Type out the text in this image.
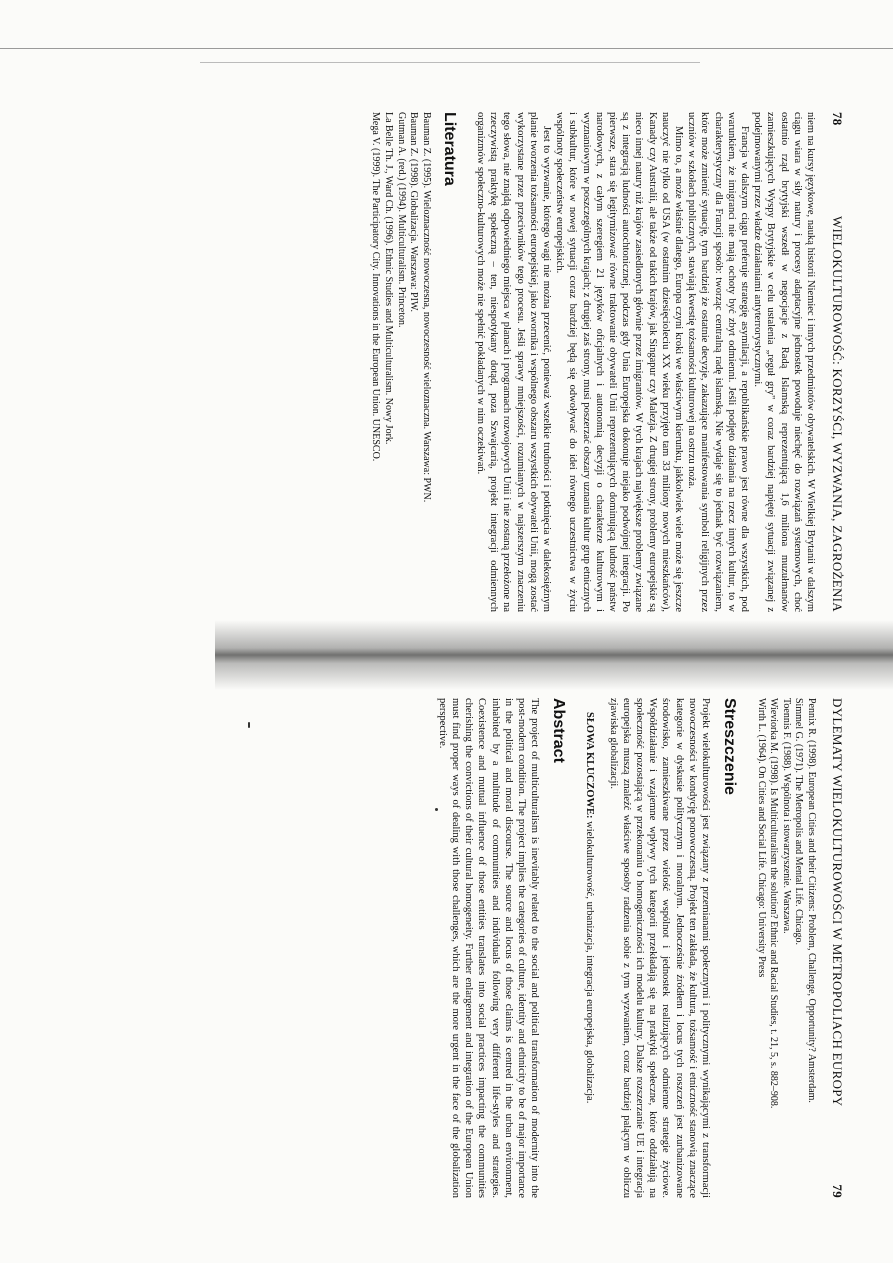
78
WIELOKULTUROWOŚĆ: KORZYŚCI, WYZWANIA, ZAGROŻENIA

niem na kursy językowe, nauką historii Niemiec i innych przedmiotów obywatelskich. W Wielkiej Brytanii w dalszym ciągu wiara w siły natury i procesy adaptacyjne jednostek powoduje niechęć do rozwiązań systemowych, choć ostatnio rząd brytyjski wszedł w negocjacje z Radą Islamską reprezentującą 1,6 miliona muzułmanów zamieszkujących Wyspy Brytyjskie w celu ustalenia „reguł gry" w coraz bardziej napiętej sytuacji związanej z podejmowanymi przez władze działaniami antyterrorystycznymi.

Francja w dalszym ciągu preferuje strategię asymilacji, a republikańskie prawo jest równe dla wszystkich, pod warunkiem, że imigranci nie mają ochoty być zbyt odmienni. Jeśli podjęto działania na rzecz innych kultur, to w charakterystyczny dla Francji sposób: tworząc centralną radę islamską. Nie wydaje się to jednak być rozwiązaniem, które może zmienić sytuację, tym bardziej że ostatnie decyzje, zakazujące manifestowania symboli religijnych przez uczniów w szkołach publicznych, stawiają kwestię tożsamości kulturowej na ostrzu noża.

Mimo to, a może właśnie dlatego, Europa czyni kroki we właściwym kierunku, jakkolwiek wiele może się jeszcze nauczyć nie tylko od USA (w ostatnim dziesięcioleciu XX wieku przyjęto tam 33 miliony nowych mieszkańców), Kanady czy Australii, ale także od takich krajów, jak Singapur czy Malezja. Z drugiej strony, problemy europejskie są nieco innej natury niż krajów zasiedlonych głównie przez imigrantów. W tych krajach największe problemy związane są z integracją ludności autochtonicznej, podczas gdy Unia Europejska dokonuje niejako podwójnej integracji. Po pierwsze, stara się legitymizować równe traktowanie obywateli Unii reprezentujących dominującą ludność państw narodowych, z całym szeregiem 21 języków oficjalnych i autonomią decyzji o charakterze kulturowym i wyznaniowym w poszczególnych krajach; z drugiej zaś strony, musi poszerzać obszary uznania kultur grup etnicznych i subkultur, które w nowej sytuacji coraz bardziej będą się odwoływać do idei równego uczestnictwa w życiu wspólnoty społeczeństw europejskich.

Jest to wyzwanie, którego wagi nie można przecenić, ponieważ wszelkie trudności i potknięcia w dalekosiężnym planie tworzenia tożsamości europejskiej, jako zworníka i wspólnego obszaru wszystkich obywateli Unii, mogą zostać wykorzystane przez przeciwników tego procesu. Jeśli sprawy mniejszości, rozumianych w najszerszym znaczeniu tego słowa, nie znajdą odpowiedniego miejsca w planach i programach rozwojowych Unii i nie zostaną przełożone na rzeczywistą praktykę społeczną – ten, niespotykany dotąd, poza Szwajcarią, projekt integracji odmiennych organizmów społeczno-kulturowych może nie spełnić pokładanych w nim oczekiwań.

Literatura
Bauman Z. (1995). Wieloznaczność nowoczesna, nowoczesność wieloznaczna. Warszawa: PWN.
Bauman Z. (1998). Globalizacja. Warszawa: PIW.
Gutman A. (red.) (1994). Multiculturalism. Princeton.
La Belle Th. J., Ward Ch. (1996). Ethnic Studies and Multiculturalism. Nowy Jork.
Mega V. (1999). The Participatory City. Innovations in the European Union. UNESCO.
DYLEMATY WIELOKULTUROWOŚCI W METROPOLIACH EUROPY
79
Pennix R. (1998). European Cities and their Citizens: Problem, Challenge, Opportunity? Amsterdam.
Simmel G. (1971). The Metropolis and Mental Life. Chicago.
Toennis F. (1988). Wspólnota i stowarzyszenie. Warszawa.
Wieviorka M. (1998). Is Multiculturalism the solution? Ethnic and Racial Studies, t. 21, 5, s. 882–908.
Wirth L. (1964). On Cities and Social Life. Chicago: University Press
Streszczenie

Projekt wielokulturowości jest związany z przemianami społecznymi i politycznymi wynikającymi z transformacji nowoczesności w kondycję ponowoczesną. Projekt ten zakłada, że kultura, tożsamość i etniczność stanowią znaczące kategorie w dyskusie politycznym i moralnym. Jednocześnie źródłem i locus tych roszczeń jest zurbanizowane środowisko, zamieszkiwane przez wielość wspólnot i jednostek realizujących odmienne strategie życiowe. Współdziałanie i wzajemne wpływy tych kategorii przekładają się na praktyki społeczne, które oddziałują na społeczność pozostającą w przekonaniu o homogeniczności ich modelu kultury. Dalsze rozszerzanie UE i integracja europejska muszą znaleźć właściwe sposoby radzenia sobie z tym wyzwaniem, coraz bardziej palącym w obliczu zjawiska globalizacji.

SŁOWA KLUCZOWE: wielokulturowość, urbanizacja, integracja europejska, globalizacja.
Abstract

The project of multiculturalism is inevitably related to the social and political transformation of modernity into the post-modern condition. The project implies the categories of culture, identity and ethnicity to be of major importance in the political and moral discourse. The source and locus of those claims is centred in the urban environment, inhabited by a multitude of communities and individuals following very different life-styles and strategies. Coexistence and mutual influence of those entities translates into social practices impacting the communities cherishing the convictions of their cultural homogeneity. Further enlargement and integration of the European Union must find proper ways of dealing with those challenges, which are the more urgent in the face of the globalization perspective.
